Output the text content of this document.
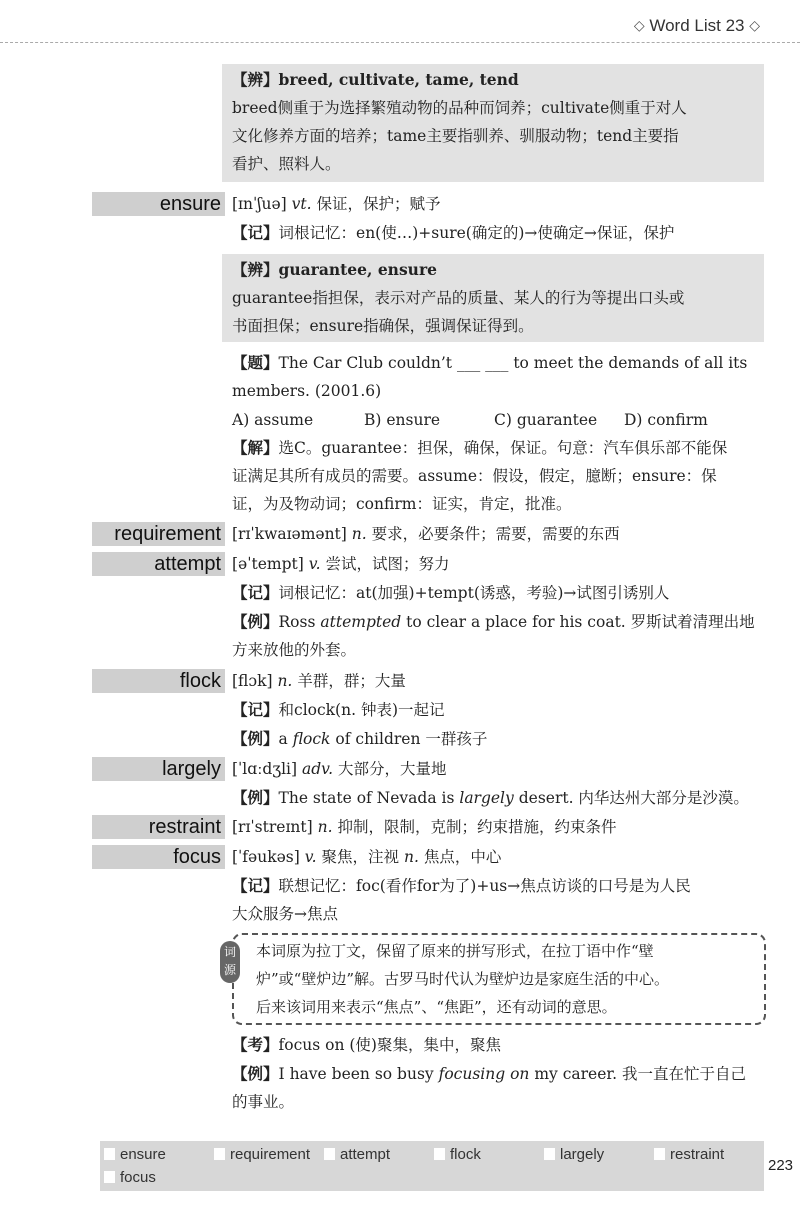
◇ Word List 23 ◇
【辨】breed, cultivate, tame, tend
breed侧重于为选择繁殖动物的品种而饲养；cultivate侧重于对人
文化修养方面的培养；tame主要指驯养、驯服动物；tend主要指
看护、照料人。
ensure [ɪnˈʃuə] vt. 保证，保护；赋予
【记】词根记忆：en(使…)+sure(确定的)→使确定→保证，保护
【辨】guarantee, ensure
guarantee指担保，表示对产品的质量、某人的行为等提出口头或
书面担保；ensure指确保，强调保证得到。
【题】The Car Club couldn’t ___ ___ to meet the demands of all its
members. (2001.6)
A) assume	B) ensure	C) guarantee D) confirm
【解】选C。guarantee：担保，确保，保证。句意：汽车俱乐部不能保
证满足其所有成员的需要。assume：假设，假定，臆断；ensure：保
证，为及物动词；confirm：证实，肯定，批准。
requirement [rɪˈkwaɪəmənt] n. 要求，必要条件；需要，需要的东西
attempt [əˈtempt] v. 尝试，试图；努力
【记】词根记忆：at(加强)+tempt(诱惑，考验)→试图引诱别人
【例】Ross attempted to clear a place for his coat. 罗斯试着清理出地
方来放他的外套。
flock [flɔk] n. 羊群，群；大量
【记】和clock(n. 钟表)一起记
【例】a flock of children 一群孩子
largely [ˈlɑːdʒli] adv. 大部分，大量地
【例】The state of Nevada is largely desert. 内华达州大部分是沙漠。
restraint [rɪˈstreɪnt] n. 抑制，限制，克制；约束措施，约束条件
focus [ˈfəukəs] v. 聚焦，注视 n. 焦点，中心
【记】联想记忆：foc(看作for为了)+us→焦点访谈的口号是为人民
大众服务→焦点
词源
本词原为拉丁文，保留了原来的拼写形式，在拉丁语中作“壁
炉”或“壁炉边”解。古罗马时代认为壁炉边是家庭生活的中心。
后来该词用来表示“焦点”、“焦距”，还有动词的意思。
【考】focus on (使)聚集，集中，聚焦
【例】I have been so busy focusing on my career. 我一直在忙于自己
的事业。
ensure	requirement	attempt	flock	largely	restraint
focus
223
